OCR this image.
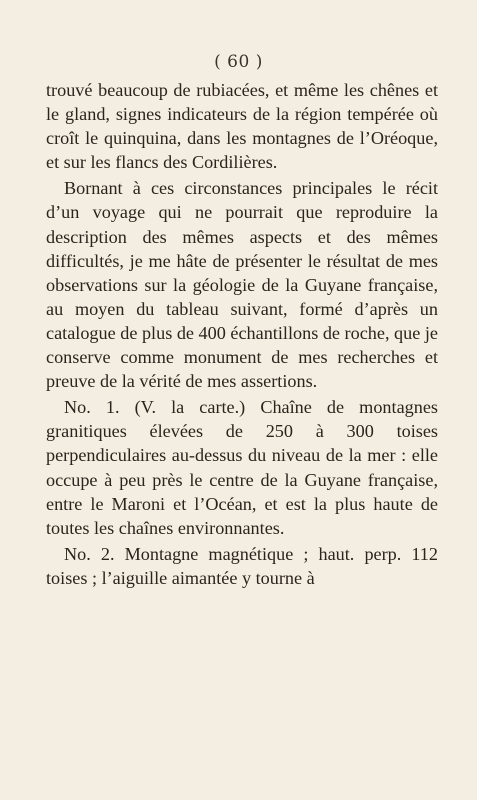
( 60 )

trouvé beaucoup de rubiacées, et même les chênes et le gland, signes indicateurs de la région tempérée où croît le quinquina, dans les montagnes de l’Oréoque, et sur les flancs des Cordilières.

Bornant à ces circonstances principales le récit d’un voyage qui ne pourrait que reproduire la description des mêmes aspects et des mêmes difficultés, je me hâte de présenter le résultat de mes observations sur la géologie de la Guyane française, au moyen du tableau suivant, formé d’après un catalogue de plus de 400 échantillons de roche, que je conserve comme monument de mes recherches et preuve de la vérité de mes assertions.

No. 1. (V. la carte.) Chaîne de montagnes granitiques élevées de 250 à 300 toises perpendiculaires au-dessus du niveau de la mer : elle occupe à peu près le centre de la Guyane française, entre le Maroni et l’Océan, et est la plus haute de toutes les chaînes environnantes.

No. 2. Montagne magnétique ; haut. perp. 112 toises ; l’aiguille aimantée y tourne à
